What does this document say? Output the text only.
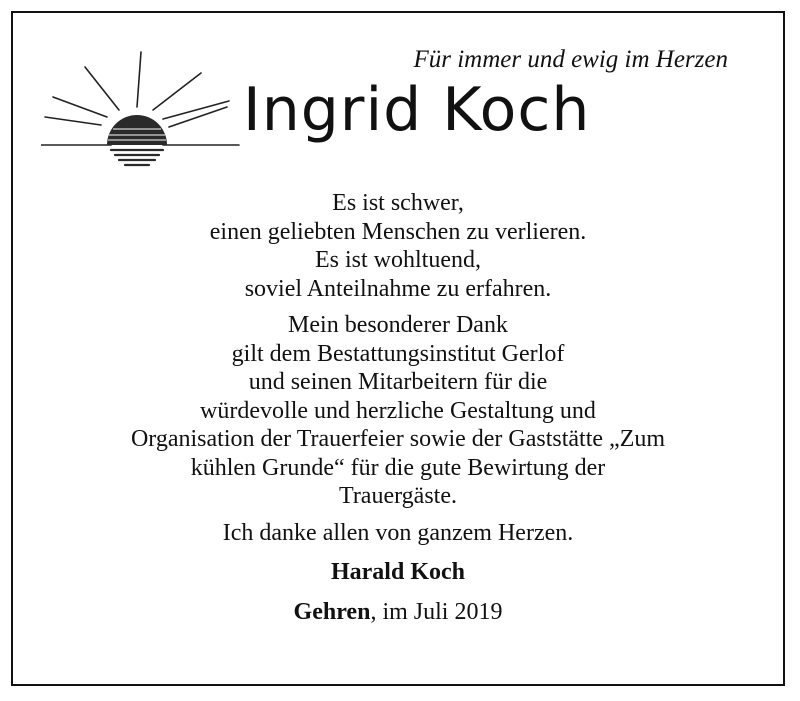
Für immer und ewig im Herzen
Ingrid Koch
Es ist schwer,
einen geliebten Menschen zu verlieren.
Es ist wohltuend,
soviel Anteilnahme zu erfahren.
Mein besonderer Dank
gilt dem Bestattungsinstitut Gerlof
und seinen Mitarbeitern für die
würdevolle und herzliche Gestaltung und
Organisation der Trauerfeier sowie der Gaststätte „Zum
kühlen Grunde“ für die gute Bewirtung der
Trauergäste.
Ich danke allen von ganzem Herzen.
Harald Koch
Gehren, im Juli 2019
